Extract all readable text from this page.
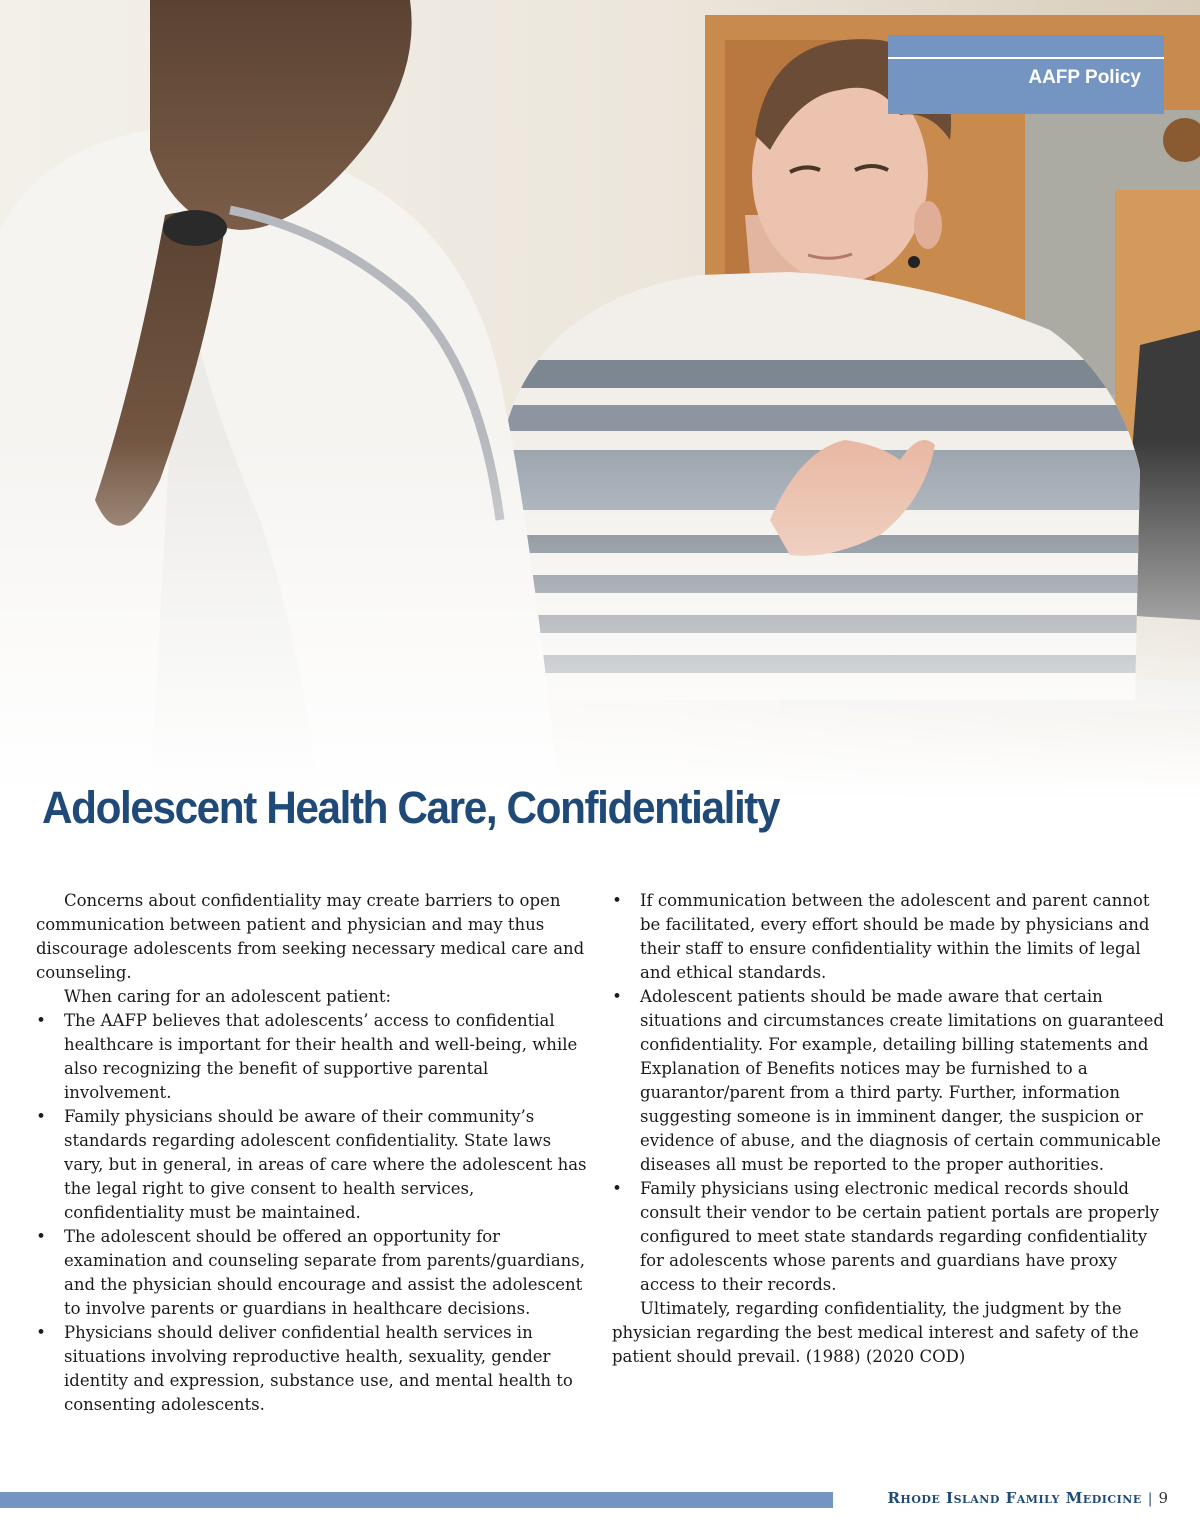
AAFP Policy
Adolescent Health Care, Confidentiality

Concerns about confidentiality may create barriers to open communication between patient and physician and may thus discourage adolescents from seeking necessary medical care and counseling.

When caring for an adolescent patient:

• The AAFP believes that adolescents’ access to confidential healthcare is important for their health and well-being, while also recognizing the benefit of supportive parental involvement.
• Family physicians should be aware of their community’s standards regarding adolescent confidentiality. State laws vary, but in general, in areas of care where the adolescent has the legal right to give consent to health services, confidentiality must be maintained.
• The adolescent should be offered an opportunity for examination and counseling separate from parents/guardians, and the physician should encourage and assist the adolescent to involve parents or guardians in healthcare decisions.
• Physicians should deliver confidential health services in situations involving reproductive health, sexuality, gender identity and expression, substance use, and mental health to consenting adolescents.
• If communication between the adolescent and parent cannot be facilitated, every effort should be made by physicians and their staff to ensure confidentiality within the limits of legal and ethical standards.
• Adolescent patients should be made aware that certain situations and circumstances create limitations on guaranteed confidentiality. For example, detailing billing statements and Explanation of Benefits notices may be furnished to a guarantor/parent from a third party. Further, information suggesting someone is in imminent danger, the suspicion or evidence of abuse, and the diagnosis of certain communicable diseases all must be reported to the proper authorities.
• Family physicians using electronic medical records should consult their vendor to be certain patient portals are properly configured to meet state standards regarding confidentiality for adolescents whose parents and guardians have proxy access to their records.

Ultimately, regarding confidentiality, the judgment by the physician regarding the best medical interest and safety of the patient should prevail. (1988) (2020 COD)

Rhode Island Family Medicine | 9
